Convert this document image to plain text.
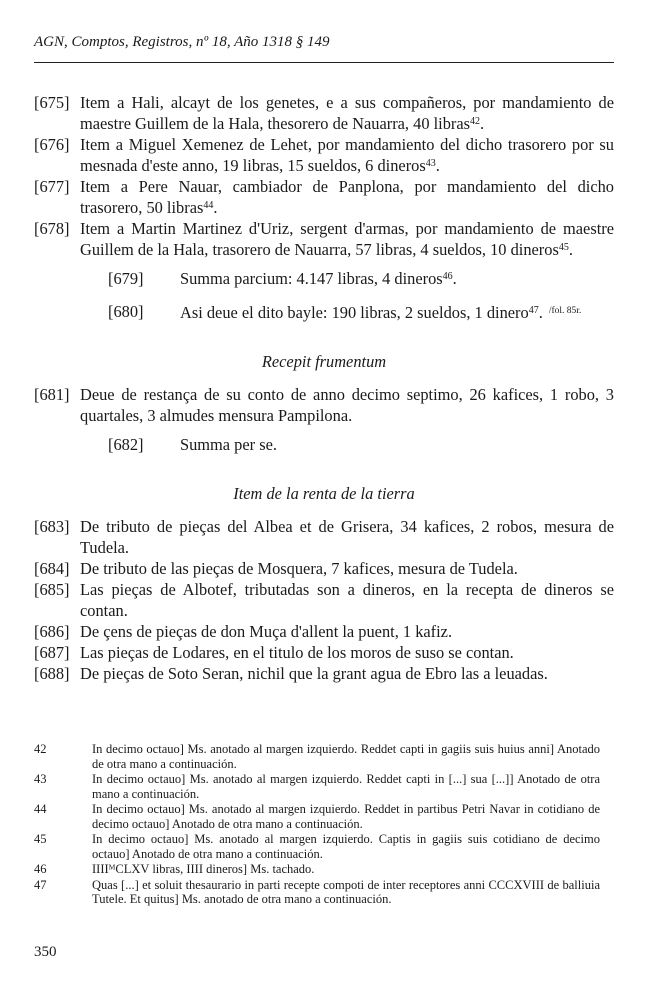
AGN, Comptos, Registros, nº 18, Año 1318 § 149
[675] Item a Hali, alcayt de los genetes, e a sus compañeros, por mandamiento de maestre Guillem de la Hala, thesorero de Nauarra, 40 libras$^{42}$.
[676] Item a Miguel Xemenez de Lehet, por mandamiento del dicho trasorero por su mesnada d'este anno, 19 libras, 15 sueldos, 6 dineros$^{43}$.
[677] Item a Pere Nauar, cambiador de Panplona, por mandamiento del dicho trasorero, 50 libras$^{44}$.
[678] Item a Martin Martinez d'Uriz, sergent d'armas, por mandamiento de maestre Guillem de la Hala, trasorero de Nauarra, 57 libras, 4 sueldos, 10 dineros$^{45}$.
[679]	Summa parcium: 4.147 libras, 4 dineros$^{46}$.
[680]	Asi deue el dito bayle: 190 libras, 2 sueldos, 1 dinero$^{47}$. $^{/fol. 85r.}$
Recepit frumentum
[681] Deue de restança de su conto de anno decimo septimo, 26 kafices, 1 robo, 3 quartales, 3 almudes mensura Pampilona.
[682]	Summa per se.
Item de la renta de la tierra
[683] De tributo de pieças del Albea et de Grisera, 34 kafices, 2 robos, mesura de Tudela.
[684] De tributo de las pieças de Mosquera, 7 kafices, mesura de Tudela.
[685] Las pieças de Albotef, tributadas son a dineros, en la recepta de dineros se contan.
[686] De çens de pieças de don Muça d'allent la puent, 1 kafiz.
[687] Las pieças de Lodares, en el titulo de los moros de suso se contan.
[688] De pieças de Soto Seran, nichil que la grant agua de Ebro las a leuadas.
42	In decimo octauo] Ms. anotado al margen izquierdo. Reddet capti in gagiis suis huius anni] Anotado de otra mano a continuación.
43	In decimo octauo] Ms. anotado al margen izquierdo. Reddet capti in [...] sua [...]] Anotado de otra mano a continuación.
44	In decimo octauo] Ms. anotado al margen izquierdo. Reddet in partibus Petri Navar in cotidiano de decimo octauo] Anotado de otra mano a continuación.
45	In decimo octauo] Ms. anotado al margen izquierdo. Captis in gagiis suis cotidiano de decimo octauo] Anotado de otra mano a continuación.
46	IIIIᴹCLXV libras, IIII dineros] Ms. tachado.
47	Quas [...] et soluit thesaurario in parti recepte compoti de inter receptores anni CCCXVIII de balliuia Tutele. Et quitus] Ms. anotado de otra mano a continuación.
350
